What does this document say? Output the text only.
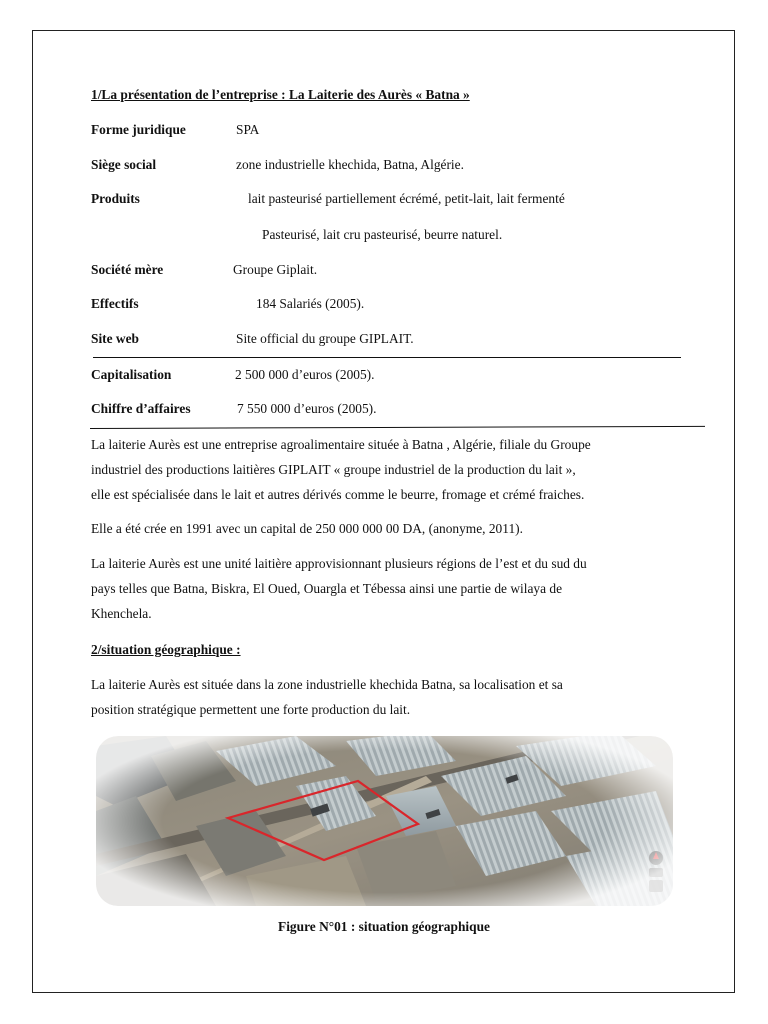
1/La présentation de l’entreprise : La Laiterie des Aurès « Batna »
Forme juridique	SPA
Siège social	zone industrielle khechida, Batna, Algérie.
Produits	lait pasteurisé partiellement écrémé, petit-lait, lait fermenté
Pasteurisé, lait cru pasteurisé, beurre naturel.
Société mère	Groupe Giplait.
Effectifs	184 Salariés (2005).
Site web	Site official du groupe GIPLAIT.
Capitalisation	2 500 000 d’euros (2005).
Chiffre d’affaires	7 550 000 d’euros (2005).
La laiterie Aurès est une entreprise agroalimentaire située à Batna , Algérie, filiale du Groupe
industriel des productions laitières GIPLAIT « groupe industriel de la production du lait »,
elle est spécialisée dans le lait et autres dérivés comme le beurre, fromage et crémé fraiches.
Elle a été crée en 1991 avec un capital de 250 000 000 00 DA, (anonyme, 2011).
La laiterie Aurès est une unité laitière approvisionnant plusieurs régions de l’est et du sud du
pays telles que Batna, Biskra, El Oued, Ouargla et Tébessa ainsi une partie de wilaya de
Khenchela.
2/situation géographique :
La laiterie Aurès est située dans la zone industrielle khechida Batna, sa localisation et sa
position stratégique permettent une forte production du lait.
Figure N°01 : situation géographique
